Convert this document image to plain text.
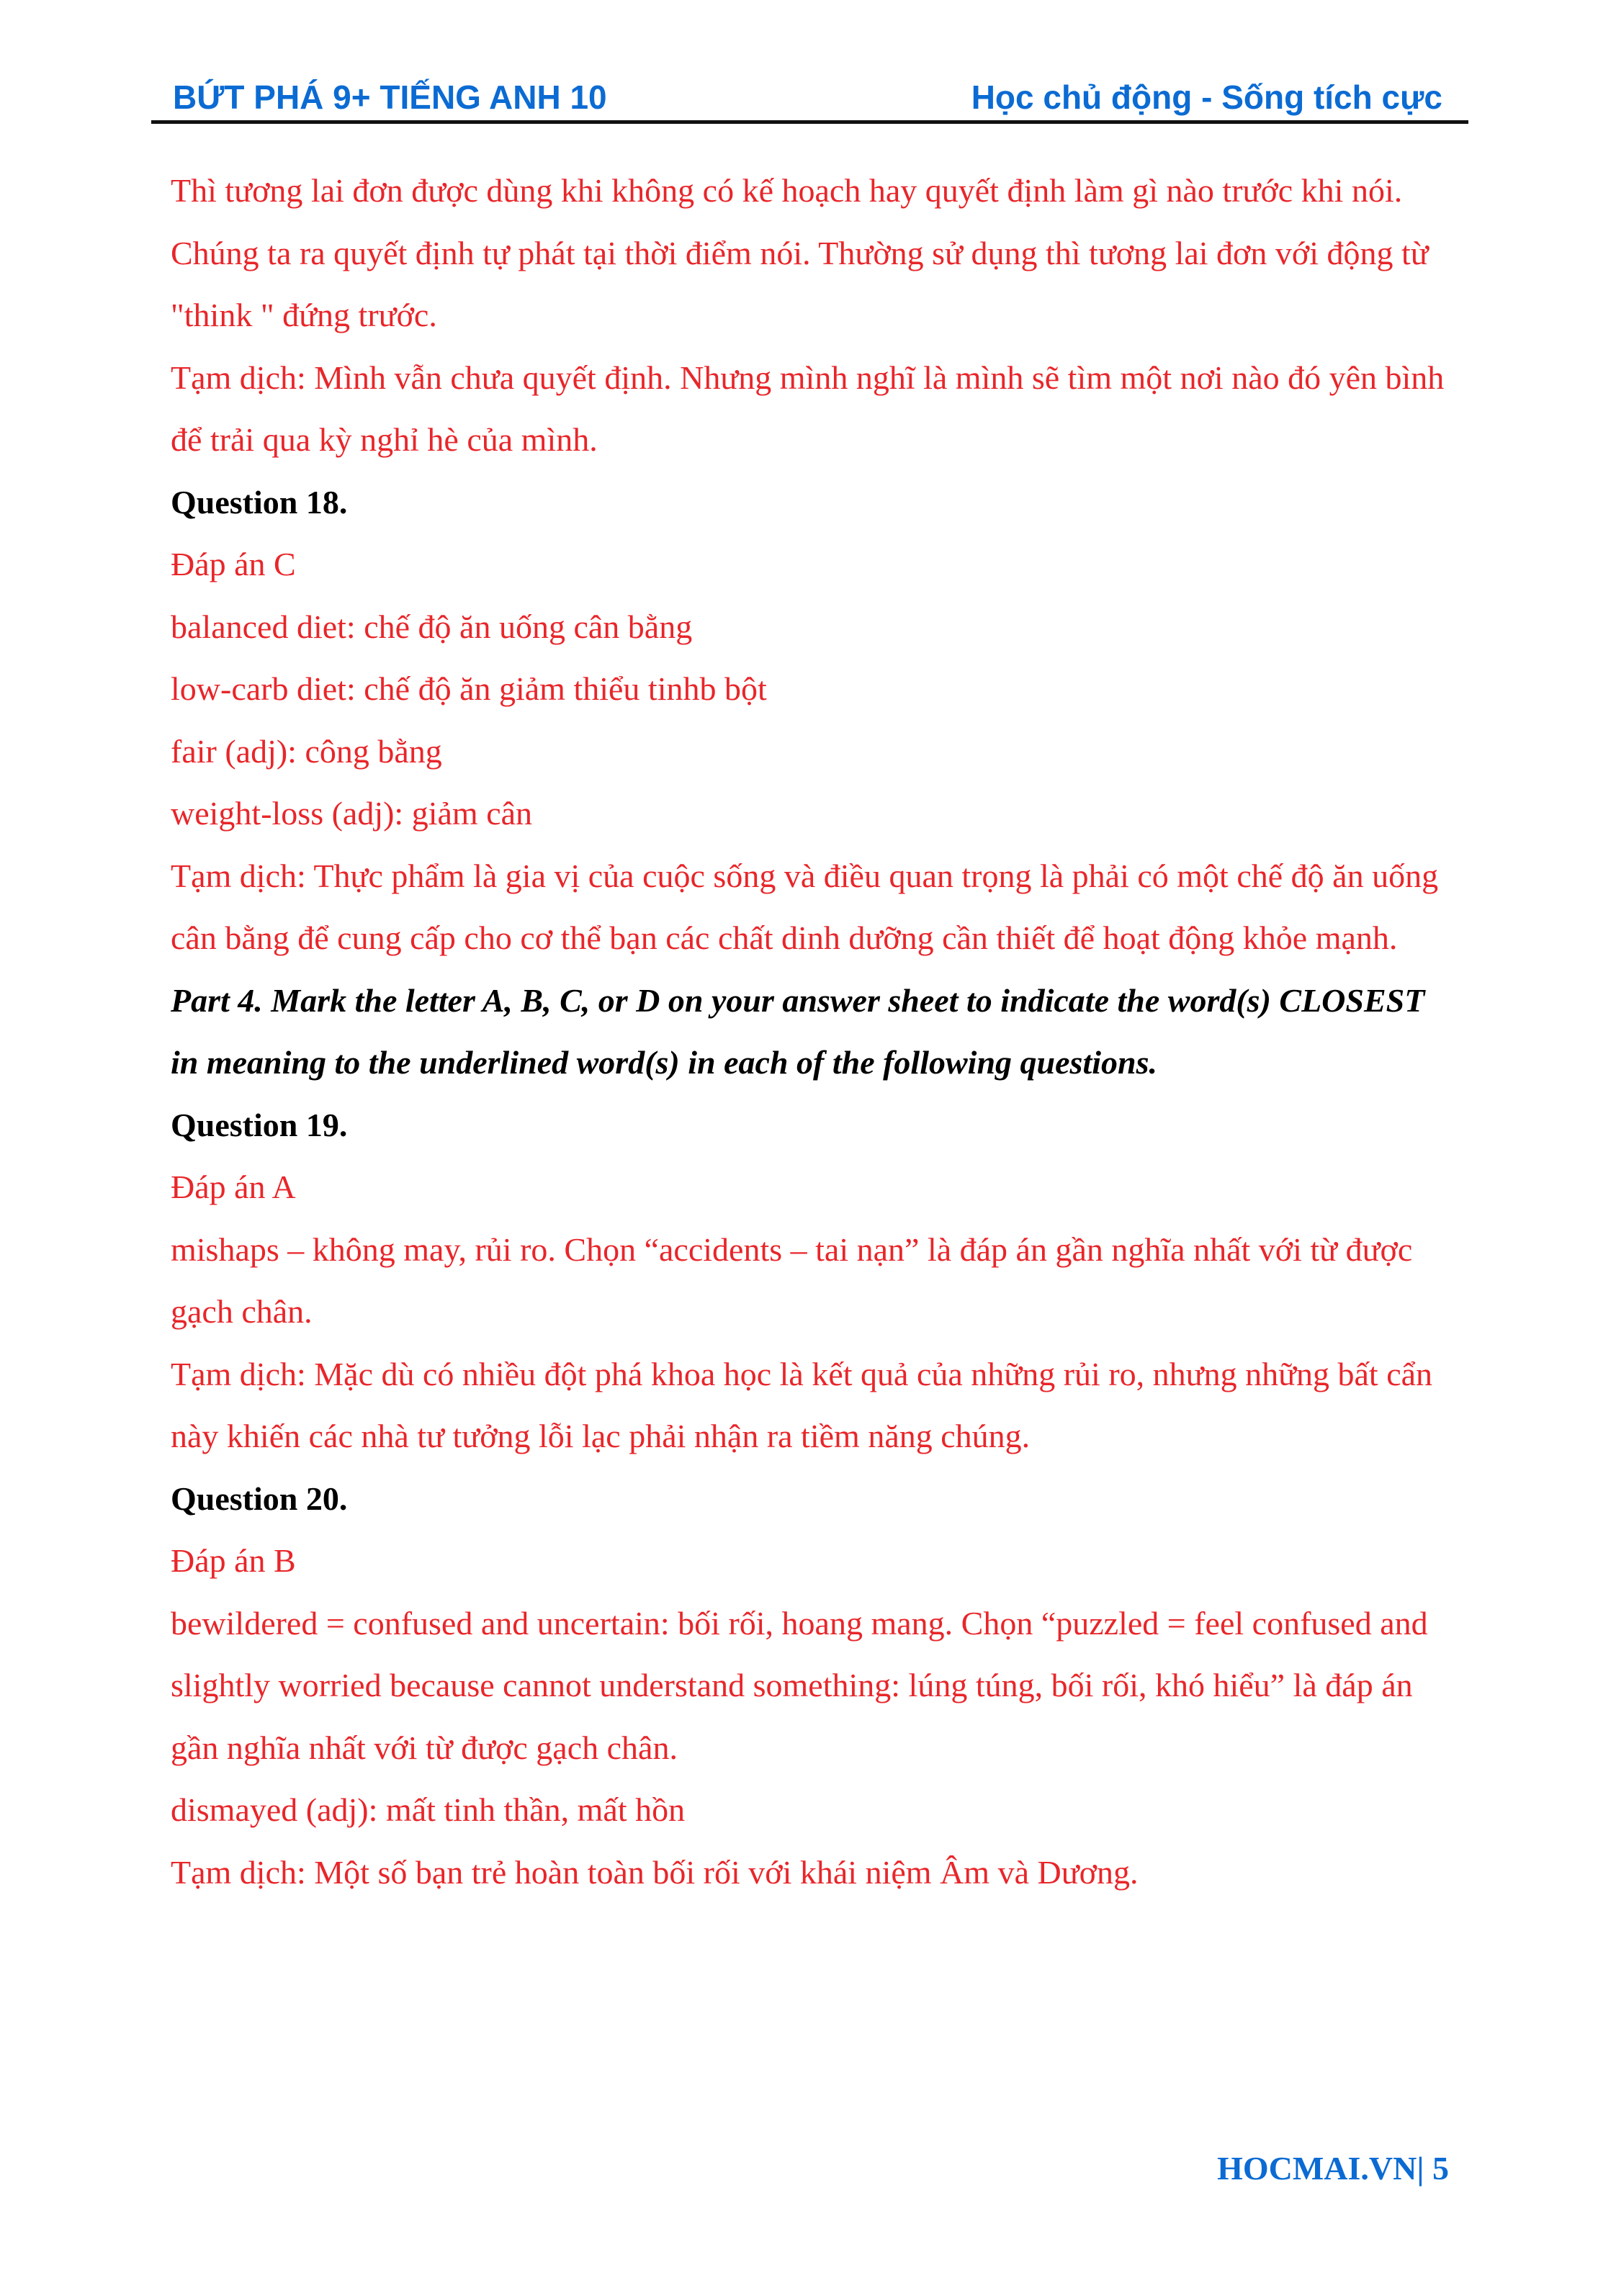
BỨT PHÁ 9+ TIẾNG ANH 10	Học chủ động - Sống tích cực

Thì tương lai đơn được dùng khi không có kế hoạch hay quyết định làm gì nào trước khi nói. Chúng ta ra quyết định tự phát tại thời điểm nói. Thường sử dụng thì tương lai đơn với động từ "think " đứng trước.

Tạm dịch: Mình vẫn chưa quyết định. Nhưng mình nghĩ là mình sẽ tìm một nơi nào đó yên bình để trải qua kỳ nghỉ hè của mình.

Question 18.

Đáp án C

balanced diet: chế độ ăn uống cân bằng

low-carb diet: chế độ ăn giảm thiểu tinhb bột

fair (adj): công bằng

weight-loss (adj): giảm cân

Tạm dịch: Thực phẩm là gia vị của cuộc sống và điều quan trọng là phải có một chế độ ăn uống cân bằng để cung cấp cho cơ thể bạn các chất dinh dưỡng cần thiết để hoạt động khỏe mạnh.

Part 4. Mark the letter A, B, C, or D on your answer sheet to indicate the word(s) CLOSEST in meaning to the underlined word(s) in each of the following questions.

Question 19.

Đáp án A

mishaps – không may, rủi ro. Chọn “accidents – tai nạn” là đáp án gần nghĩa nhất với từ được gạch chân.

Tạm dịch: Mặc dù có nhiều đột phá khoa học là kết quả của những rủi ro, nhưng những bất cẩn này khiến các nhà tư tưởng lỗi lạc phải nhận ra tiềm năng chúng.

Question 20.

Đáp án B

bewildered = confused and uncertain: bối rối, hoang mang. Chọn “puzzled = feel confused and slightly worried because cannot understand something: lúng túng, bối rối, khó hiểu” là đáp án gần nghĩa nhất với từ được gạch chân.

dismayed (adj): mất tinh thần, mất hồn

Tạm dịch: Một số bạn trẻ hoàn toàn bối rối với khái niệm Âm và Dương.

HOCMAI.VN| 5
